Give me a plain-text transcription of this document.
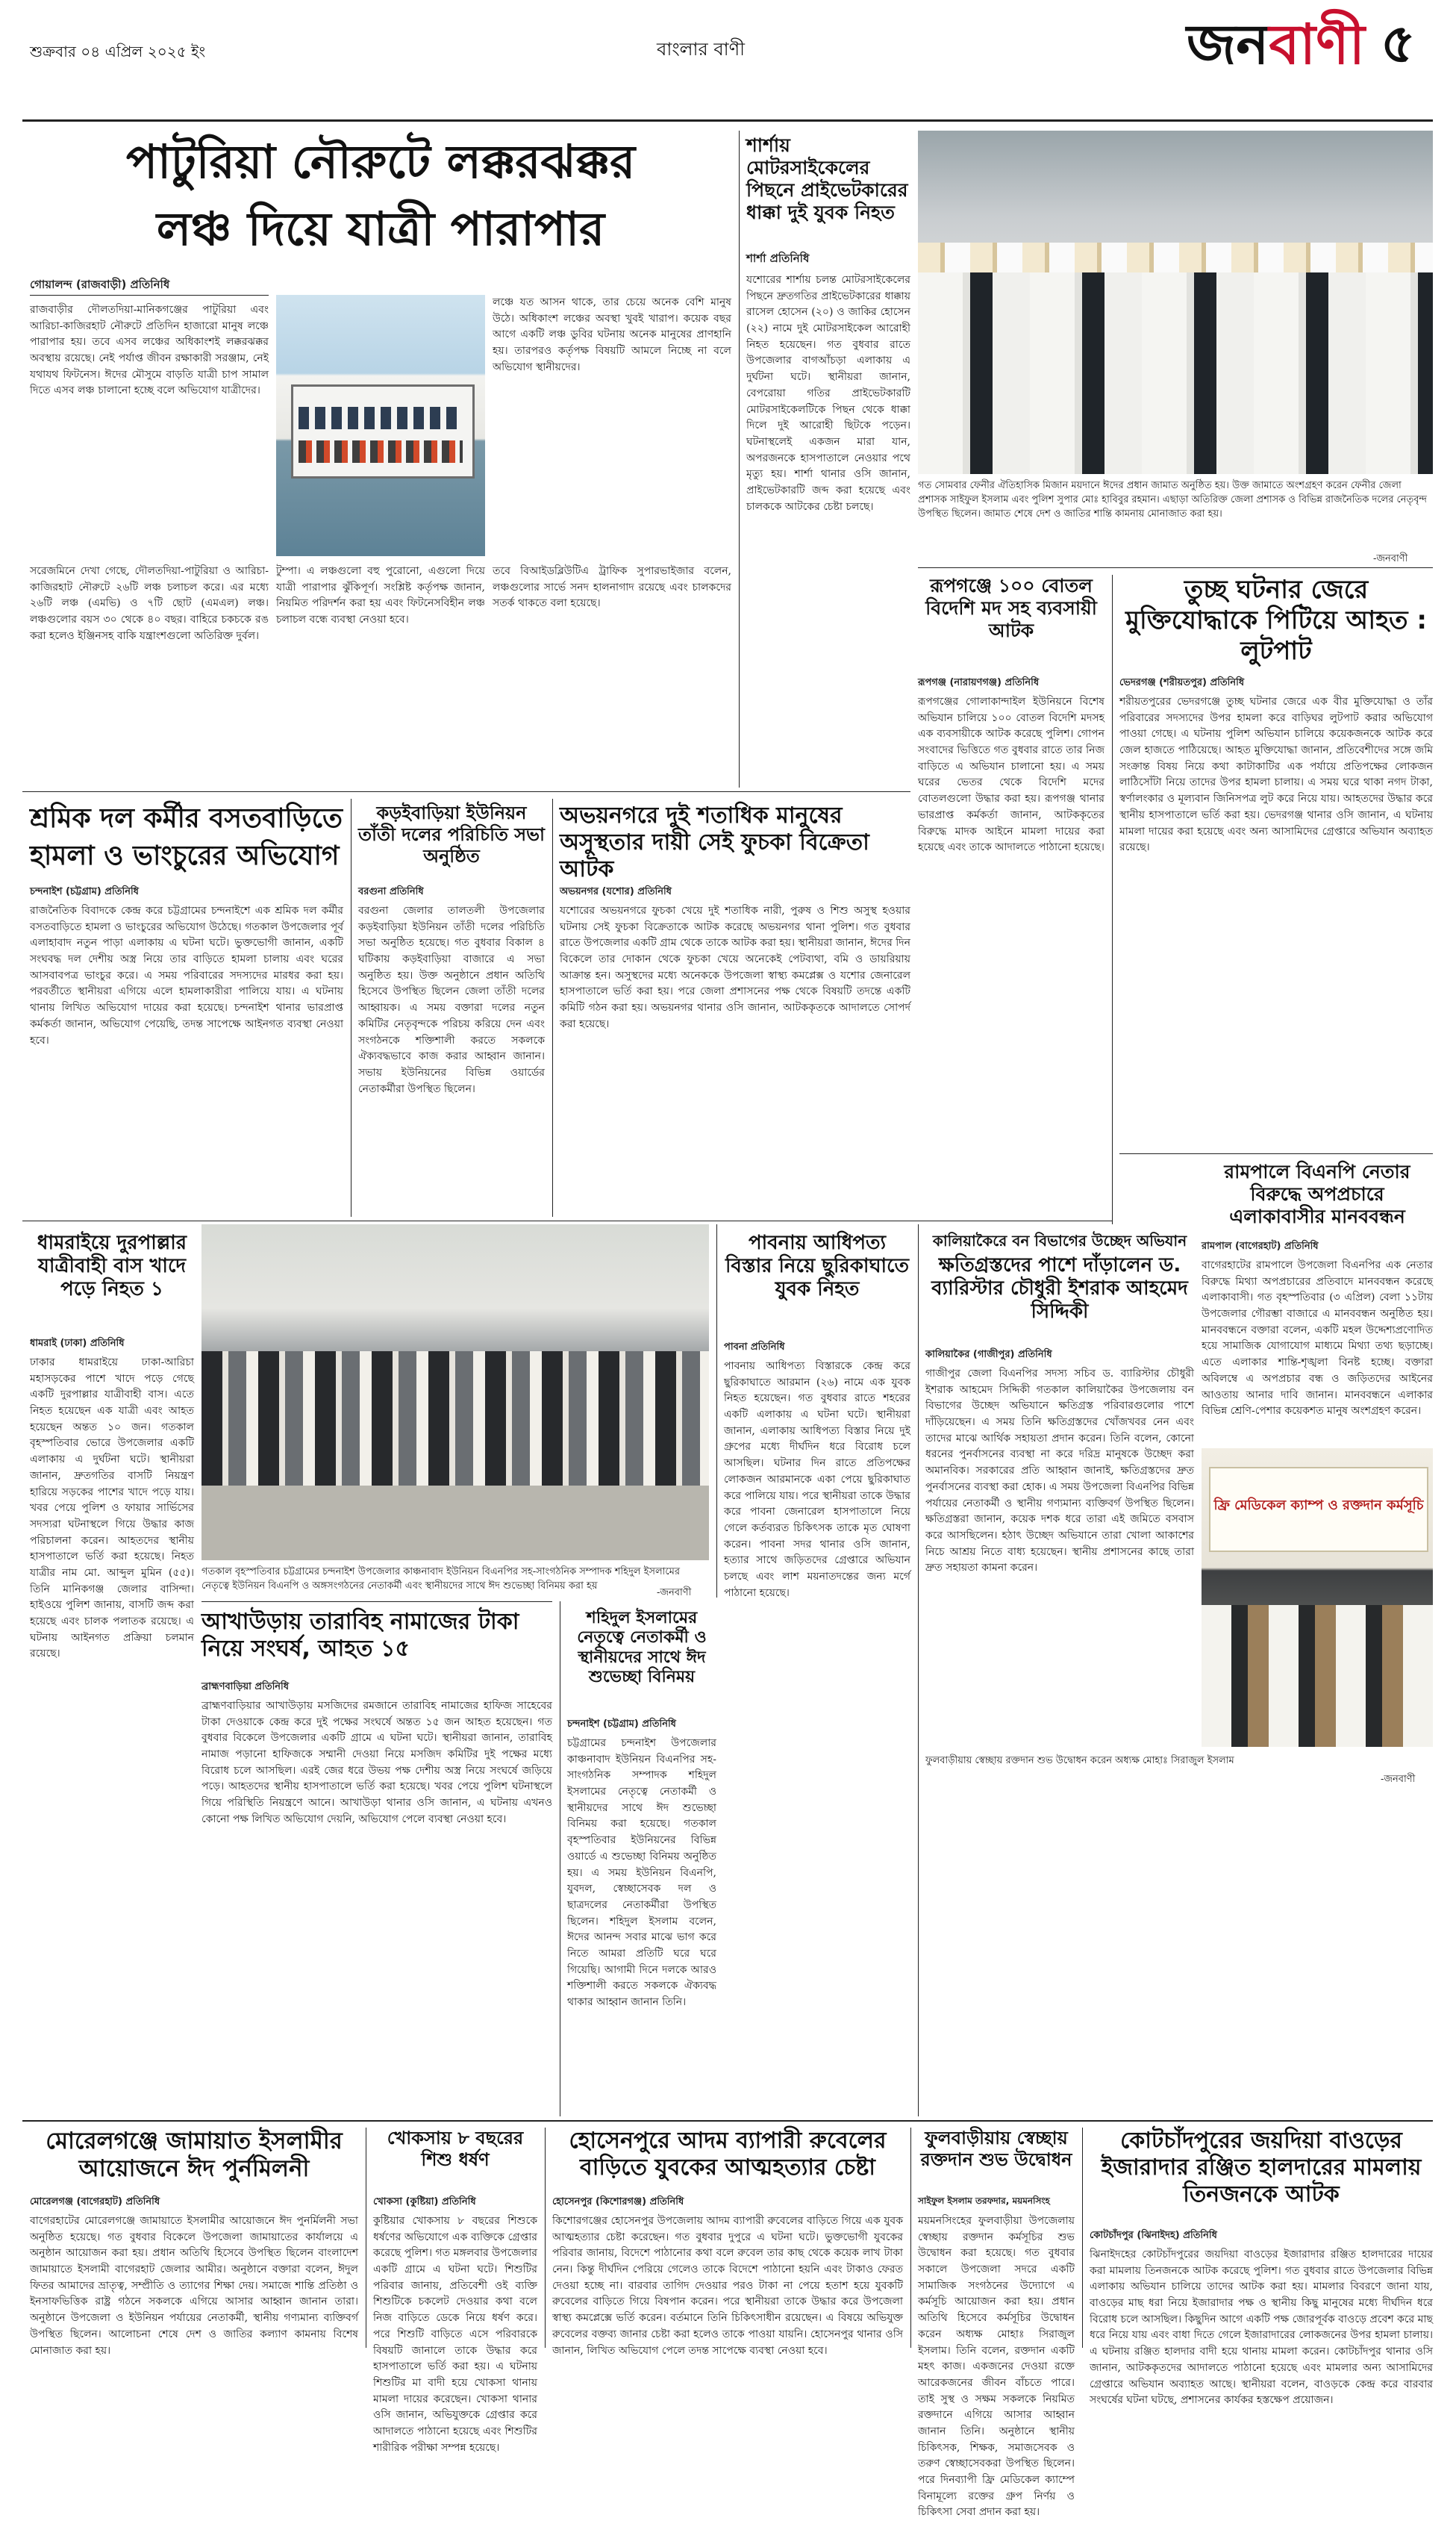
শুক্রবার ০৪ এপ্রিল ২০২৫ ইং	বাংলার বাণী	জনবাণী ৫
পাটুরিয়া নৌরুটে লক্করঝক্কর
লঞ্চ দিয়ে যাত্রী পারাপার
গোয়ালন্দ (রাজবাড়ী) প্রতিনিধি
রাজবাড়ীর দৌলতদিয়া-মানিকগঞ্জের পাটুরিয়া এবং আরিচা-কাজিরহাট নৌরুটে প্রতিদিন হাজারো মানুষ লঞ্চে পারাপার হয়। তবে এসব লঞ্চের অধিকাংশই লক্করঝক্কর অবস্থায় রয়েছে। নেই পর্যাপ্ত জীবন রক্ষাকারী সরঞ্জাম, নেই যথাযথ ফিটনেস। ঈদের মৌসুমে বাড়তি যাত্রী চাপ সামাল দিতে এসব লঞ্চ চালানো হচ্ছে বলে অভিযোগ যাত্রীদের।
সরেজমিনে দেখা গেছে, দৌলতদিয়া-পাটুরিয়া ও আরিচা-কাজিরহাট নৌরুটে ২৬টি লঞ্চ চলাচল করে। এর মধ্যে ২৬টি লঞ্চ (এমভি) ও ৭টি ছোট (এমএল) লঞ্চ। লঞ্চগুলোর বয়স ৩০ থেকে ৪০ বছর। বাহিরে চকচকে রঙ করা হলেও ইঞ্জিনসহ বাকি যন্ত্রাংশগুলো অতিরিক্ত দুর্বল।
টুম্পা। এ লঞ্চগুলো বহু পুরোনো, এগুলো দিয়ে যাত্রী পারাপার ঝুঁকিপূর্ণ। সংশ্লিষ্ট কর্তৃপক্ষ জানান, নিয়মিত পরিদর্শন করা হয় এবং ফিটনেসবিহীন লঞ্চ চলাচল বন্ধে ব্যবস্থা নেওয়া হবে।
লঞ্চে যত আসন থাকে, তার চেয়ে অনেক বেশি মানুষ উঠে। অধিকাংশ লঞ্চের অবস্থা খুবই খারাপ। কয়েক বছর আগে একটি লঞ্চ ডুবির ঘটনায় অনেক মানুষের প্রাণহানি হয়। তারপরও কর্তৃপক্ষ বিষয়টি আমলে নিচ্ছে না বলে অভিযোগ স্থানীয়দের।
তবে বিআইডব্লিউটিএ ট্রাফিক সুপারভাইজার বলেন, লঞ্চগুলোর সার্ভে সনদ হালনাগাদ রয়েছে এবং চালকদের সতর্ক থাকতে বলা হয়েছে।
শার্শায় মোটরসাইকেলের পিছনে প্রাইভেটকারের ধাক্কা দুই যুবক নিহত
শার্শা প্রতিনিধি
যশোরের শার্শায় চলন্ত মোটরসাইকেলের পিছনে দ্রুতগতির প্রাইভেটকারের ধাক্কায় রাসেল হোসেন (২০) ও জাকির হোসেন (২২) নামে দুই মোটরসাইকেল আরোহী নিহত হয়েছেন। গত বুধবার রাতে উপজেলার বাগআঁচড়া এলাকায় এ দুর্ঘটনা ঘটে। স্থানীয়রা জানান, বেপরোয়া গতির প্রাইভেটকারটি মোটরসাইকেলটিকে পিছন থেকে ধাক্কা দিলে দুই আরোহী ছিটকে পড়েন। ঘটনাস্থলেই একজন মারা যান, অপরজনকে হাসপাতালে নেওয়ার পথে মৃত্যু হয়। শার্শা থানার ওসি জানান, প্রাইভেটকারটি জব্দ করা হয়েছে এবং চালককে আটকের চেষ্টা চলছে।
গত সোমবার ফেনীর ঐতিহাসিক মিজান ময়দানে ঈদের প্রধান জামাত অনুষ্ঠিত হয়। উক্ত জামাতে অংশগ্রহণ করেন ফেনীর জেলা প্রশাসক সাইফুল ইসলাম এবং পুলিশ সুপার মোঃ হাবিবুর রহমান। এছাড়া অতিরিক্ত জেলা প্রশাসক ও বিভিন্ন রাজনৈতিক দলের নেতৃবৃন্দ উপস্থিত ছিলেন। জামাত শেষে দেশ ও জাতির শান্তি কামনায় মোনাজাত করা হয়।
-জনবাণী
রূপগঞ্জে ১০০ বোতল বিদেশি মদ সহ ব্যবসায়ী আটক
রূপগঞ্জ (নারায়ণগঞ্জ) প্রতিনিধি
রূপগঞ্জের গোলাকান্দাইল ইউনিয়নে বিশেষ অভিযান চালিয়ে ১০০ বোতল বিদেশি মদসহ এক ব্যবসায়ীকে আটক করেছে পুলিশ। গোপন সংবাদের ভিত্তিতে গত বুধবার রাতে তার নিজ বাড়িতে এ অভিযান চালানো হয়। এ সময় ঘরের ভেতর থেকে বিদেশি মদের বোতলগুলো উদ্ধার করা হয়। রূপগঞ্জ থানার ভারপ্রাপ্ত কর্মকর্তা জানান, আটককৃতের বিরুদ্ধে মাদক আইনে মামলা দায়ের করা হয়েছে এবং তাকে আদালতে পাঠানো হয়েছে।
তুচ্ছ ঘটনার জেরে মুক্তিযোদ্ধাকে পিটিয়ে আহত : লুটপাট
ভেদরগঞ্জ (শরীয়তপুর) প্রতিনিধি
শরীয়তপুরের ভেদরগঞ্জে তুচ্ছ ঘটনার জেরে এক বীর মুক্তিযোদ্ধা ও তাঁর পরিবারের সদস্যদের উপর হামলা করে বাড়িঘর লুটপাট করার অভিযোগ পাওয়া গেছে। এ ঘটনায় পুলিশ অভিযান চালিয়ে কয়েকজনকে আটক করে জেল হাজতে পাঠিয়েছে। আহত মুক্তিযোদ্ধা জানান, প্রতিবেশীদের সঙ্গে জমি সংক্রান্ত বিষয় নিয়ে কথা কাটাকাটির এক পর্যায়ে প্রতিপক্ষের লোকজন লাঠিসোঁটা নিয়ে তাদের উপর হামলা চালায়। এ সময় ঘরে থাকা নগদ টাকা, স্বর্ণালংকার ও মূল্যবান জিনিসপত্র লুট করে নিয়ে যায়। আহতদের উদ্ধার করে স্থানীয় হাসপাতালে ভর্তি করা হয়। ভেদরগঞ্জ থানার ওসি জানান, এ ঘটনায় মামলা দায়ের করা হয়েছে এবং অন্য আসামিদের গ্রেপ্তারে অভিযান অব্যাহত রয়েছে।
শ্রমিক দল কর্মীর বসতবাড়িতে
হামলা ও ভাংচুরের অভিযোগ
চন্দনাইশ (চট্টগ্রাম) প্রতিনিধি
রাজনৈতিক বিবাদকে কেন্দ্র করে চট্টগ্রামের চন্দনাইশে এক শ্রমিক দল কর্মীর বসতবাড়িতে হামলা ও ভাংচুরের অভিযোগ উঠেছে। গতকাল উপজেলার পূর্ব এলাহাবাদ নতুন পাড়া এলাকায় এ ঘটনা ঘটে। ভুক্তভোগী জানান, একটি সংঘবদ্ধ দল দেশীয় অস্ত্র নিয়ে তার বাড়িতে হামলা চালায় এবং ঘরের আসবাবপত্র ভাংচুর করে। এ সময় পরিবারের সদস্যদের মারধর করা হয়। পরবর্তীতে স্থানীয়রা এগিয়ে এলে হামলাকারীরা পালিয়ে যায়। এ ঘটনায় থানায় লিখিত অভিযোগ দায়ের করা হয়েছে। চন্দনাইশ থানার ভারপ্রাপ্ত কর্মকর্তা জানান, অভিযোগ পেয়েছি, তদন্ত সাপেক্ষে আইনগত ব্যবস্থা নেওয়া হবে।
কড়ইবাড়িয়া ইউনিয়ন তাঁতী দলের পরিচিতি সভা অনুষ্ঠিত
বরগুনা প্রতিনিধি
বরগুনা জেলার তালতলী উপজেলার কড়ইবাড়িয়া ইউনিয়ন তাঁতী দলের পরিচিতি সভা অনুষ্ঠিত হয়েছে। গত বুধবার বিকাল ৪ ঘটিকায় কড়ইবাড়িয়া বাজারে এ সভা অনুষ্ঠিত হয়। উক্ত অনুষ্ঠানে প্রধান অতিথি হিসেবে উপস্থিত ছিলেন জেলা তাঁতী দলের আহ্বায়ক। এ সময় বক্তারা দলের নতুন কমিটির নেতৃবৃন্দকে পরিচয় করিয়ে দেন এবং সংগঠনকে শক্তিশালী করতে সকলকে ঐক্যবদ্ধভাবে কাজ করার আহ্বান জানান। সভায় ইউনিয়নের বিভিন্ন ওয়ার্ডের নেতাকর্মীরা উপস্থিত ছিলেন।
অভয়নগরে দুই শতাধিক মানুষের অসুস্থতার দায়ী সেই ফুচকা বিক্রেতা আটক
অভয়নগর (যশোর) প্রতিনিধি
যশোরের অভয়নগরে ফুচকা খেয়ে দুই শতাধিক নারী, পুরুষ ও শিশু অসুস্থ হওয়ার ঘটনায় সেই ফুচকা বিক্রেতাকে আটক করেছে অভয়নগর থানা পুলিশ। গত বুধবার রাতে উপজেলার একটি গ্রাম থেকে তাকে আটক করা হয়। স্থানীয়রা জানান, ঈদের দিন বিকেলে তার দোকান থেকে ফুচকা খেয়ে অনেকেই পেটব্যথা, বমি ও ডায়রিয়ায় আক্রান্ত হন। অসুস্থদের মধ্যে অনেককে উপজেলা স্বাস্থ্য কমপ্লেক্স ও যশোর জেনারেল হাসপাতালে ভর্তি করা হয়। পরে জেলা প্রশাসনের পক্ষ থেকে বিষয়টি তদন্তে একটি কমিটি গঠন করা হয়। অভয়নগর থানার ওসি জানান, আটককৃতকে আদালতে সোপর্দ করা হয়েছে।
রামপালে বিএনপি নেতার বিরুদ্ধে অপপ্রচারে এলাকাবাসীর মানববন্ধন
রামপাল (বাগেরহাট) প্রতিনিধি
বাগেরহাটের রামপালে উপজেলা বিএনপির এক নেতার বিরুদ্ধে মিথ্যা অপপ্রচারের প্রতিবাদে মানববন্ধন করেছে এলাকাবাসী। গত বৃহস্পতিবার (৩ এপ্রিল) বেলা ১১টায় উপজেলার গৌরম্ভা বাজারে এ মানববন্ধন অনুষ্ঠিত হয়। মানববন্ধনে বক্তারা বলেন, একটি মহল উদ্দেশ্যপ্রণোদিত হয়ে সামাজিক যোগাযোগ মাধ্যমে মিথ্যা তথ্য ছড়াচ্ছে। এতে এলাকার শান্তি-শৃঙ্খলা বিনষ্ট হচ্ছে। বক্তারা অবিলম্বে এ অপপ্রচার বন্ধ ও জড়িতদের আইনের আওতায় আনার দাবি জানান। মানববন্ধনে এলাকার বিভিন্ন শ্রেণি-পেশার কয়েকশত মানুষ অংশগ্রহণ করেন।
ধামরাইয়ে দুরপাল্লার যাত্রীবাহী বাস খাদে পড়ে নিহত ১
ধামরাই (ঢাকা) প্রতিনিধি
ঢাকার ধামরাইয়ে ঢাকা-আরিচা মহাসড়কের পাশে খাদে পড়ে গেছে একটি দুরপাল্লার যাত্রীবাহী বাস। এতে নিহত হয়েছেন এক যাত্রী এবং আহত হয়েছেন অন্তত ১০ জন। গতকাল বৃহস্পতিবার ভোরে উপজেলার একটি এলাকায় এ দুর্ঘটনা ঘটে। স্থানীয়রা জানান, দ্রুতগতির বাসটি নিয়ন্ত্রণ হারিয়ে সড়কের পাশের খাদে পড়ে যায়। খবর পেয়ে পুলিশ ও ফায়ার সার্ভিসের সদস্যরা ঘটনাস্থলে গিয়ে উদ্ধার কাজ পরিচালনা করেন। আহতদের স্থানীয় হাসপাতালে ভর্তি করা হয়েছে। নিহত যাত্রীর নাম মো. আব্দুল মুমিন (৫৫)। তিনি মানিকগঞ্জ জেলার বাসিন্দা। হাইওয়ে পুলিশ জানায়, বাসটি জব্দ করা হয়েছে এবং চালক পলাতক রয়েছে। এ ঘটনায় আইনগত প্রক্রিয়া চলমান রয়েছে।
গতকাল বৃহস্পতিবার চট্টগ্রামের চন্দনাইশ উপজেলার কাঞ্চনাবাদ ইউনিয়ন বিএনপির সহ-সাংগঠনিক সম্পাদক শহিদুল ইসলামের নেতৃত্বে ইউনিয়ন বিএনপি ও অঙ্গসংগঠনের নেতাকর্মী এবং স্থানীয়দের সাথে ঈদ শুভেচ্ছা বিনিময় করা হয়
-জনবাণী
পাবনায় আধিপত্য বিস্তার নিয়ে ছুরিকাঘাতে যুবক নিহত
পাবনা প্রতিনিধি
পাবনায় আধিপত্য বিস্তারকে কেন্দ্র করে ছুরিকাঘাতে আরমান (২৬) নামে এক যুবক নিহত হয়েছেন। গত বুধবার রাতে শহরের একটি এলাকায় এ ঘটনা ঘটে। স্থানীয়রা জানান, এলাকায় আধিপত্য বিস্তার নিয়ে দুই গ্রুপের মধ্যে দীর্ঘদিন ধরে বিরোধ চলে আসছিল। ঘটনার দিন রাতে প্রতিপক্ষের লোকজন আরমানকে একা পেয়ে ছুরিকাঘাত করে পালিয়ে যায়। পরে স্থানীয়রা তাকে উদ্ধার করে পাবনা জেনারেল হাসপাতালে নিয়ে গেলে কর্তব্যরত চিকিৎসক তাকে মৃত ঘোষণা করেন। পাবনা সদর থানার ওসি জানান, হত্যার সাথে জড়িতদের গ্রেপ্তারে অভিযান চলছে এবং লাশ ময়নাতদন্তের জন্য মর্গে পাঠানো হয়েছে।
কালিয়াকৈরে বন বিভাগের উচ্ছেদ অভিযান
ক্ষতিগ্রস্তদের পাশে দাঁড়ালেন ড. ব্যারিস্টার চৌধুরী ইশরাক আহমেদ সিদ্দিকী
কালিয়াকৈর (গাজীপুর) প্রতিনিধি
গাজীপুর জেলা বিএনপির সদস্য সচিব ড. ব্যারিস্টার চৌধুরী ইশরাক আহমেদ সিদ্দিকী গতকাল কালিয়াকৈর উপজেলায় বন বিভাগের উচ্ছেদ অভিযানে ক্ষতিগ্রস্ত পরিবারগুলোর পাশে দাঁড়িয়েছেন। এ সময় তিনি ক্ষতিগ্রস্তদের খোঁজখবর নেন এবং তাদের মাঝে আর্থিক সহায়তা প্রদান করেন। তিনি বলেন, কোনো ধরনের পুনর্বাসনের ব্যবস্থা না করে দরিদ্র মানুষকে উচ্ছেদ করা অমানবিক। সরকারের প্রতি আহ্বান জানাই, ক্ষতিগ্রস্তদের দ্রুত পুনর্বাসনের ব্যবস্থা করা হোক। এ সময় উপজেলা বিএনপির বিভিন্ন পর্যায়ের নেতাকর্মী ও স্থানীয় গণ্যমান্য ব্যক্তিবর্গ উপস্থিত ছিলেন। ক্ষতিগ্রস্তরা জানান, কয়েক দশক ধরে তারা এই জমিতে বসবাস করে আসছিলেন। হঠাৎ উচ্ছেদ অভিযানে তারা খোলা আকাশের নিচে আশ্রয় নিতে বাধ্য হয়েছেন। স্থানীয় প্রশাসনের কাছে তারা দ্রুত সহায়তা কামনা করেন।
ফ্রি মেডিকেল ক্যাম্প ও রক্তদান কর্মসূচি
ফুলবাড়ীয়ায় স্বেচ্ছায় রক্তদান শুভ উদ্বোধন করেন অধ্যক্ষ মোহাঃ সিরাজুল ইসলাম
-জনবাণী
আখাউড়ায় তারাবিহ নামাজের টাকা নিয়ে সংঘর্ষ, আহত ১৫
ব্রাহ্মণবাড়িয়া প্রতিনিধি
ব্রাহ্মণবাড়িয়ার আখাউড়ায় মসজিদের রমজানে তারাবিহ নামাজের হাফিজ সাহেবের টাকা দেওয়াকে কেন্দ্র করে দুই পক্ষের সংঘর্ষে অন্তত ১৫ জন আহত হয়েছেন। গত বুধবার বিকেলে উপজেলার একটি গ্রামে এ ঘটনা ঘটে। স্থানীয়রা জানান, তারাবিহ নামাজ পড়ানো হাফিজকে সম্মানী দেওয়া নিয়ে মসজিদ কমিটির দুই পক্ষের মধ্যে বিরোধ চলে আসছিল। এরই জের ধরে উভয় পক্ষ দেশীয় অস্ত্র নিয়ে সংঘর্ষে জড়িয়ে পড়ে। আহতদের স্থানীয় হাসপাতালে ভর্তি করা হয়েছে। খবর পেয়ে পুলিশ ঘটনাস্থলে গিয়ে পরিস্থিতি নিয়ন্ত্রণে আনে। আখাউড়া থানার ওসি জানান, এ ঘটনায় এখনও কোনো পক্ষ লিখিত অভিযোগ দেয়নি, অভিযোগ পেলে ব্যবস্থা নেওয়া হবে।
শহিদুল ইসলামের নেতৃত্বে নেতাকর্মী ও স্থানীয়দের সাথে ঈদ শুভেচ্ছা বিনিময়
চন্দনাইশ (চট্টগ্রাম) প্রতিনিধি
চট্টগ্রামের চন্দনাইশ উপজেলার কাঞ্চনাবাদ ইউনিয়ন বিএনপির সহ-সাংগঠনিক সম্পাদক শহিদুল ইসলামের নেতৃত্বে নেতাকর্মী ও স্থানীয়দের সাথে ঈদ শুভেচ্ছা বিনিময় করা হয়েছে। গতকাল বৃহস্পতিবার ইউনিয়নের বিভিন্ন ওয়ার্ডে এ শুভেচ্ছা বিনিময় অনুষ্ঠিত হয়। এ সময় ইউনিয়ন বিএনপি, যুবদল, স্বেচ্ছাসেবক দল ও ছাত্রদলের নেতাকর্মীরা উপস্থিত ছিলেন। শহিদুল ইসলাম বলেন, ঈদের আনন্দ সবার মাঝে ভাগ করে নিতে আমরা প্রতিটি ঘরে ঘরে গিয়েছি। আগামী দিনে দলকে আরও শক্তিশালী করতে সকলকে ঐক্যবদ্ধ থাকার আহ্বান জানান তিনি।
মোরেলগঞ্জে জামায়াত ইসলামীর আয়োজনে ঈদ পুর্নমিলনী
মোরেলগঞ্জ (বাগেরহাট) প্রতিনিধি
বাগেরহাটের মোরেলগঞ্জে জামায়াতে ইসলামীর আয়োজনে ঈদ পুনর্মিলনী সভা অনুষ্ঠিত হয়েছে। গত বুধবার বিকেলে উপজেলা জামায়াতের কার্যালয়ে এ অনুষ্ঠান আয়োজন করা হয়। প্রধান অতিথি হিসেবে উপস্থিত ছিলেন বাংলাদেশ জামায়াতে ইসলামী বাগেরহাট জেলার আমীর। অনুষ্ঠানে বক্তারা বলেন, ঈদুল ফিতর আমাদের ভ্রাতৃত্ব, সম্প্রীতি ও ত্যাগের শিক্ষা দেয়। সমাজে শান্তি প্রতিষ্ঠা ও ইনসাফভিত্তিক রাষ্ট্র গঠনে সকলকে এগিয়ে আসার আহ্বান জানান তারা। অনুষ্ঠানে উপজেলা ও ইউনিয়ন পর্যায়ের নেতাকর্মী, স্থানীয় গণ্যমান্য ব্যক্তিবর্গ উপস্থিত ছিলেন। আলোচনা শেষে দেশ ও জাতির কল্যাণ কামনায় বিশেষ মোনাজাত করা হয়।
খোকসায় ৮ বছরের শিশু ধর্ষণ
খোকসা (কুষ্টিয়া) প্রতিনিধি
কুষ্টিয়ার খোকসায় ৮ বছরের শিশুকে ধর্ষণের অভিযোগে এক ব্যক্তিকে গ্রেপ্তার করেছে পুলিশ। গত মঙ্গলবার উপজেলার একটি গ্রামে এ ঘটনা ঘটে। শিশুটির পরিবার জানায়, প্রতিবেশী ওই ব্যক্তি শিশুটিকে চকলেট দেওয়ার কথা বলে নিজ বাড়িতে ডেকে নিয়ে ধর্ষণ করে। পরে শিশুটি বাড়িতে এসে পরিবারকে বিষয়টি জানালে তাকে উদ্ধার করে হাসপাতালে ভর্তি করা হয়। এ ঘটনায় শিশুটির মা বাদী হয়ে খোকসা থানায় মামলা দায়ের করেছেন। খোকসা থানার ওসি জানান, অভিযুক্তকে গ্রেপ্তার করে আদালতে পাঠানো হয়েছে এবং শিশুটির শারীরিক পরীক্ষা সম্পন্ন হয়েছে।
হোসেনপুরে আদম ব্যাপারী রুবেলের বাড়িতে যুবকের আত্মহত্যার চেষ্টা
হোসেনপুর (কিশোরগঞ্জ) প্রতিনিধি
কিশোরগঞ্জের হোসেনপুর উপজেলায় আদম ব্যাপারী রুবেলের বাড়িতে গিয়ে এক যুবক আত্মহত্যার চেষ্টা করেছেন। গত বুধবার দুপুরে এ ঘটনা ঘটে। ভুক্তভোগী যুবকের পরিবার জানায়, বিদেশে পাঠানোর কথা বলে রুবেল তার কাছ থেকে কয়েক লাখ টাকা নেন। কিন্তু দীর্ঘদিন পেরিয়ে গেলেও তাকে বিদেশে পাঠানো হয়নি এবং টাকাও ফেরত দেওয়া হচ্ছে না। বারবার তাগিদ দেওয়ার পরও টাকা না পেয়ে হতাশ হয়ে যুবকটি রুবেলের বাড়িতে গিয়ে বিষপান করেন। পরে স্থানীয়রা তাকে উদ্ধার করে উপজেলা স্বাস্থ্য কমপ্লেক্সে ভর্তি করেন। বর্তমানে তিনি চিকিৎসাধীন রয়েছেন। এ বিষয়ে অভিযুক্ত রুবেলের বক্তব্য জানার চেষ্টা করা হলেও তাকে পাওয়া যায়নি। হোসেনপুর থানার ওসি জানান, লিখিত অভিযোগ পেলে তদন্ত সাপেক্ষে ব্যবস্থা নেওয়া হবে।
ফুলবাড়ীয়ায় স্বেচ্ছায় রক্তদান শুভ উদ্বোধন
সাইফুল ইসলাম তরফদার, ময়মনসিংহ
ময়মনসিংহের ফুলবাড়ীয়া উপজেলায় স্বেচ্ছায় রক্তদান কর্মসূচির শুভ উদ্বোধন করা হয়েছে। গত বুধবার সকালে উপজেলা সদরে একটি সামাজিক সংগঠনের উদ্যোগে এ কর্মসূচি আয়োজন করা হয়। প্রধান অতিথি হিসেবে কর্মসূচির উদ্বোধন করেন অধ্যক্ষ মোহাঃ সিরাজুল ইসলাম। তিনি বলেন, রক্তদান একটি মহৎ কাজ। একজনের দেওয়া রক্তে আরেকজনের জীবন বাঁচতে পারে। তাই সুস্থ ও সক্ষম সকলকে নিয়মিত রক্তদানে এগিয়ে আসার আহ্বান জানান তিনি। অনুষ্ঠানে স্থানীয় চিকিৎসক, শিক্ষক, সমাজসেবক ও তরুণ স্বেচ্ছাসেবকরা উপস্থিত ছিলেন। পরে দিনব্যাপী ফ্রি মেডিকেল ক্যাম্পে বিনামূল্যে রক্তের গ্রুপ নির্ণয় ও চিকিৎসা সেবা প্রদান করা হয়।
কোটচাঁদপুরের জয়দিয়া বাওড়ের ইজারাদার রঞ্জিত হালদারের মামলায় তিনজনকে আটক
কোটচাঁদপুর (ঝিনাইদহ) প্রতিনিধি
ঝিনাইদহের কোটচাঁদপুরের জয়দিয়া বাওড়ের ইজারাদার রঞ্জিত হালদারের দায়ের করা মামলায় তিনজনকে আটক করেছে পুলিশ। গত বুধবার রাতে উপজেলার বিভিন্ন এলাকায় অভিযান চালিয়ে তাদের আটক করা হয়। মামলার বিবরণে জানা যায়, বাওড়ের মাছ ধরা নিয়ে ইজারাদার পক্ষ ও স্থানীয় কিছু মানুষের মধ্যে দীর্ঘদিন ধরে বিরোধ চলে আসছিল। কিছুদিন আগে একটি পক্ষ জোরপূর্বক বাওড়ে প্রবেশ করে মাছ ধরে নিয়ে যায় এবং বাধা দিতে গেলে ইজারাদারের লোকজনের উপর হামলা চালায়। এ ঘটনায় রঞ্জিত হালদার বাদী হয়ে থানায় মামলা করেন। কোটচাঁদপুর থানার ওসি জানান, আটককৃতদের আদালতে পাঠানো হয়েছে এবং মামলার অন্য আসামিদের গ্রেপ্তারে অভিযান অব্যাহত আছে। স্থানীয়রা বলেন, বাওড়কে কেন্দ্র করে বারবার সংঘর্ষের ঘটনা ঘটছে, প্রশাসনের কার্যকর হস্তক্ষেপ প্রয়োজন।
